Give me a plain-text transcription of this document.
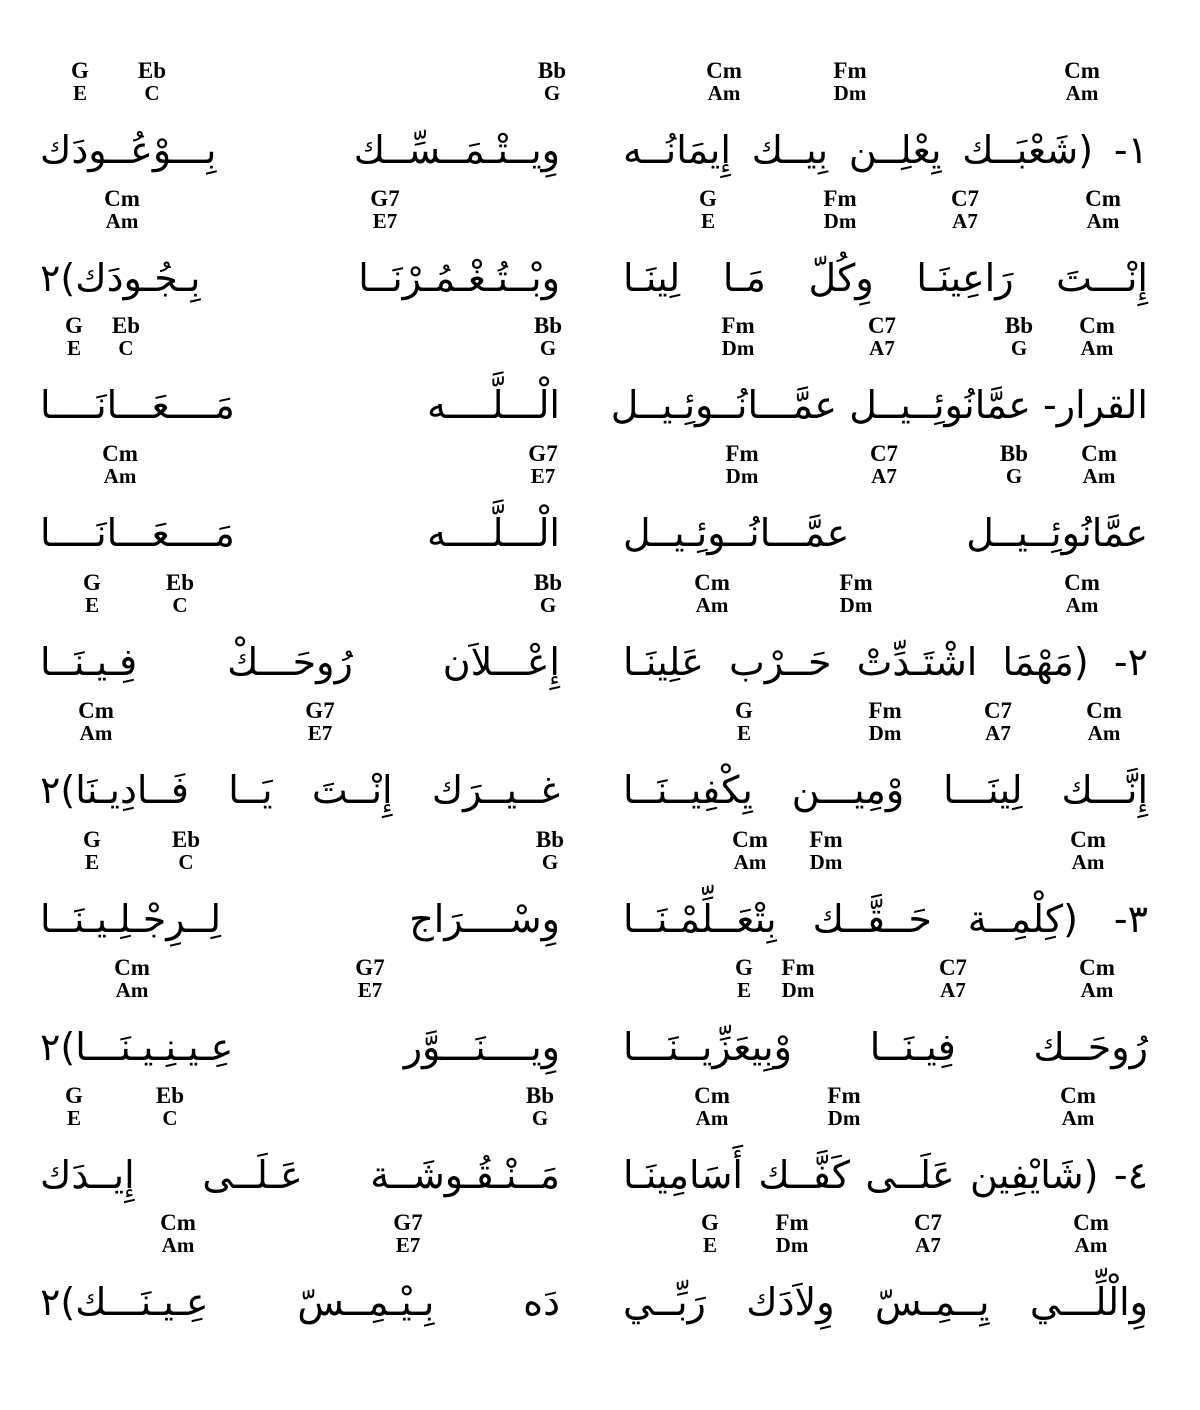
G
E
Eb
C
Bb
G
Cm
Am
Fm
Dm
Cm
Am
١- (شَعْبَــك يِعْلِــن بِيــك إِيمَانُــه
وِيــتْـمَــسِّــك بِـــوْعُــودَك
Cm
Am
G7
E7
G
E
Fm
Dm
C7
A7
Cm
Am
إِنْـــتَ رَاعِينَـا وِكُلّ مَـا لِينَـا
وبْــتُـغْـمُـرْنَــا بِـجُـودَك)٢
G
E
Eb
C
Bb
G
Fm
Dm
C7
A7
Bb
G
Cm
Am
القرار- عمَّانُوئِــيــل عمَّـــانُــوئِـيــل
الْـــلَّــــه مَــــعَـــانَــــا
Cm
Am
G7
E7
Fm
Dm
C7
A7
Bb
G
Cm
Am
عمَّانُوئِــيــل عمَّـــانُــوئِـيــل
الْـــلَّــــه مَــــعَـــانَــــا
G
E
Eb
C
Bb
G
Cm
Am
Fm
Dm
Cm
Am
٢- (مَهْمَا اشْتَـدِّتْ حَــرْب عَلِينَـا
إِعْـــلاَن رُوحَـــكْ فِـيـنَــا
Cm
Am
G7
E7
G
E
Fm
Dm
C7
A7
Cm
Am
إِنَّـــك لِينَـــا وْمِيـــن يِكْفِيــنَــا
غــيــرَك إِنْــتَ يَــا فَــادِيـنَا)٢
G
E
Eb
C
Bb
G
Cm
Am
Fm
Dm
Cm
Am
٣- (كِلْمِــة حَــقَّــك بِتْعَــلِّمْـنَــا
وِسْــــرَاج لِــرِجْـلِـيـنَــا
Cm
Am
G7
E7
G
E
Fm
Dm
C7
A7
Cm
Am
رُوحَــك فِيـنَــا وْبِيعَزِّيــنَـــا
وِيــــنَـــوَّر عِـيـنِـيـنَـــا)٢
G
E
Eb
C
Bb
G
Cm
Am
Fm
Dm
Cm
Am
٤- (شَايْفِين عَلَــى كَفَّــك أَسَامِينَـا
مَــنْـقُـوشَــة عَـلَــى إِيــدَك
Cm
Am
G7
E7
G
E
Fm
Dm
C7
A7
Cm
Am
وِالْلِّـــي يِــمِـسّ وِلاَدَك رَبِّــي
دَه بِـيْـمِــسّ عِـيـنَـــك)٢
